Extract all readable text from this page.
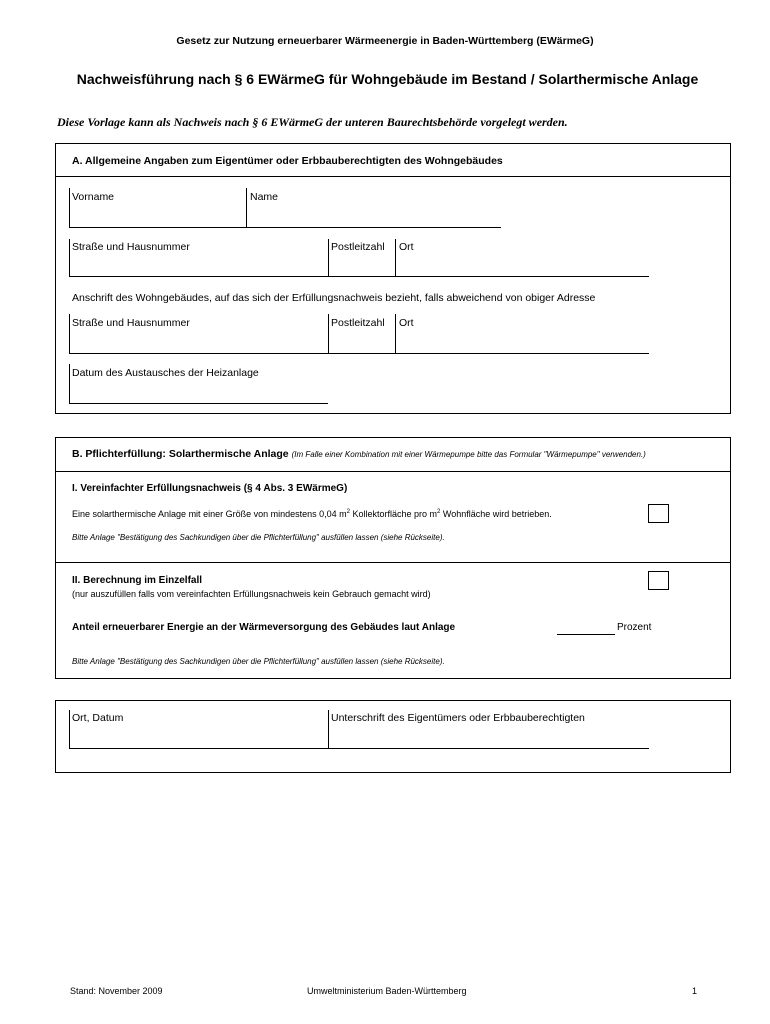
Gesetz zur Nutzung erneuerbarer Wärmeenergie in Baden-Württemberg (EWärmeG)
Nachweisführung nach § 6 EWärmeG für Wohngebäude im Bestand / Solarthermische Anlage
Diese Vorlage kann als Nachweis nach § 6 EWärmeG der unteren Baurechtsbehörde vorgelegt werden.
A. Allgemeine Angaben zum Eigentümer oder Erbbauberechtigten des Wohngebäudes
Vorname	Name
Straße und Hausnummer	Postleitzahl Ort
Anschrift des Wohngebäudes, auf das sich der Erfüllungsnachweis bezieht, falls abweichend von obiger Adresse
Straße und Hausnummer	Postleitzahl Ort
Datum des Austausches der Heizanlage
B. Pflichterfüllung: Solarthermische Anlage (Im Falle einer Kombination mit einer Wärmepumpe bitte das Formular "Wärmepumpe" verwenden.)
I. Vereinfachter Erfüllungsnachweis (§ 4 Abs. 3 EWärmeG)
Eine solarthermische Anlage mit einer Größe von mindestens 0,04 $m^2$ Kollektorfläche pro $m^2$ Wohnfläche wird betrieben.
Bitte Anlage "Bestätigung des Sachkundigen über die Pflichterfüllung" ausfüllen lassen (siehe Rückseite).
II. Berechnung im Einzelfall
(nur auszufüllen falls vom vereinfachten Erfüllungsnachweis kein Gebrauch gemacht wird)
Anteil erneuerbarer Energie an der Wärmeversorgung des Gebäudes laut Anlage	Prozent
Bitte Anlage "Bestätigung des Sachkundigen über die Pflichterfüllung" ausfüllen lassen (siehe Rückseite).
Ort, Datum	Unterschrift des Eigentümers oder Erbbauberechtigten
Stand: November 2009	Umweltministerium Baden-Württemberg	1
